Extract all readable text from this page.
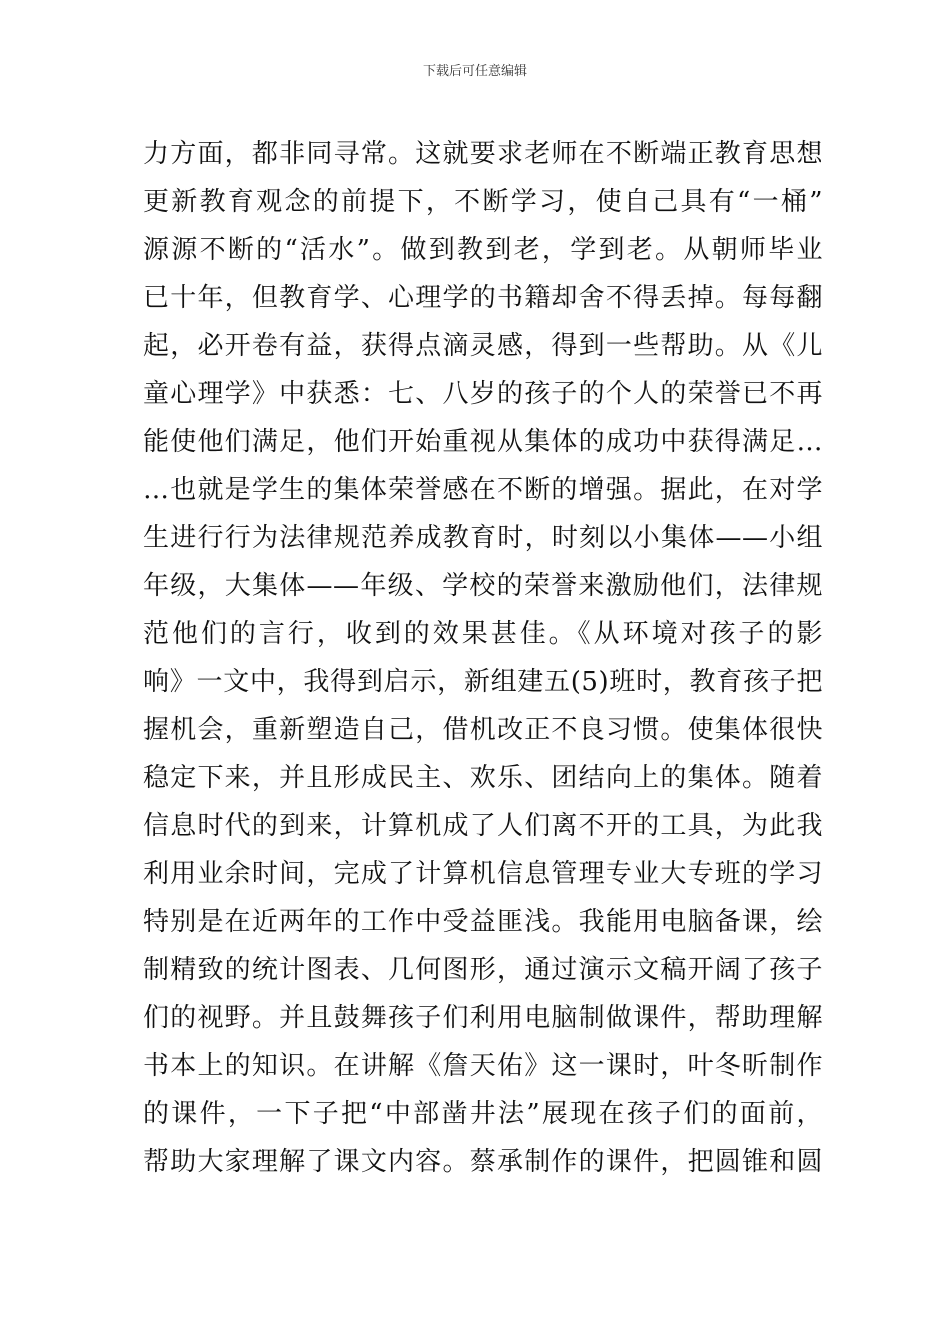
下载后可任意编辑
力方面，都非同寻常。这就要求老师在不断端正教育思想
更新教育观念的前提下，不断学习，使自己具有“一桶”
源源不断的“活水”。做到教到老，学到老。从朝师毕业
已十年，但教育学、心理学的书籍却舍不得丢掉。每每翻
起，必开卷有益，获得点滴灵感，得到一些帮助。从《儿
童心理学》中获悉：七、八岁的孩子的个人的荣誉已不再
能使他们满足，他们开始重视从集体的成功中获得满足…
…也就是学生的集体荣誉感在不断的增强。据此，在对学
生进行行为法律规范养成教育时，时刻以小集体——小组
年级，大集体——年级、学校的荣誉来激励他们，法律规
范他们的言行，收到的效果甚佳。《从环境对孩子的影
响》一文中，我得到启示，新组建五(5)班时，教育孩子把
握机会，重新塑造自己，借机改正不良习惯。使集体很快
稳定下来，并且形成民主、欢乐、团结向上的集体。随着
信息时代的到来，计算机成了人们离不开的工具，为此我
利用业余时间，完成了计算机信息管理专业大专班的学习
特别是在近两年的工作中受益匪浅。我能用电脑备课，绘
制精致的统计图表、几何图形，通过演示文稿开阔了孩子
们的视野。并且鼓舞孩子们利用电脑制做课件，帮助理解
书本上的知识。在讲解《詹天佑》这一课时，叶冬昕制作
的课件，一下子把“中部凿井法”展现在孩子们的面前，
帮助大家理解了课文内容。蔡承制作的课件，把圆锥和圆
